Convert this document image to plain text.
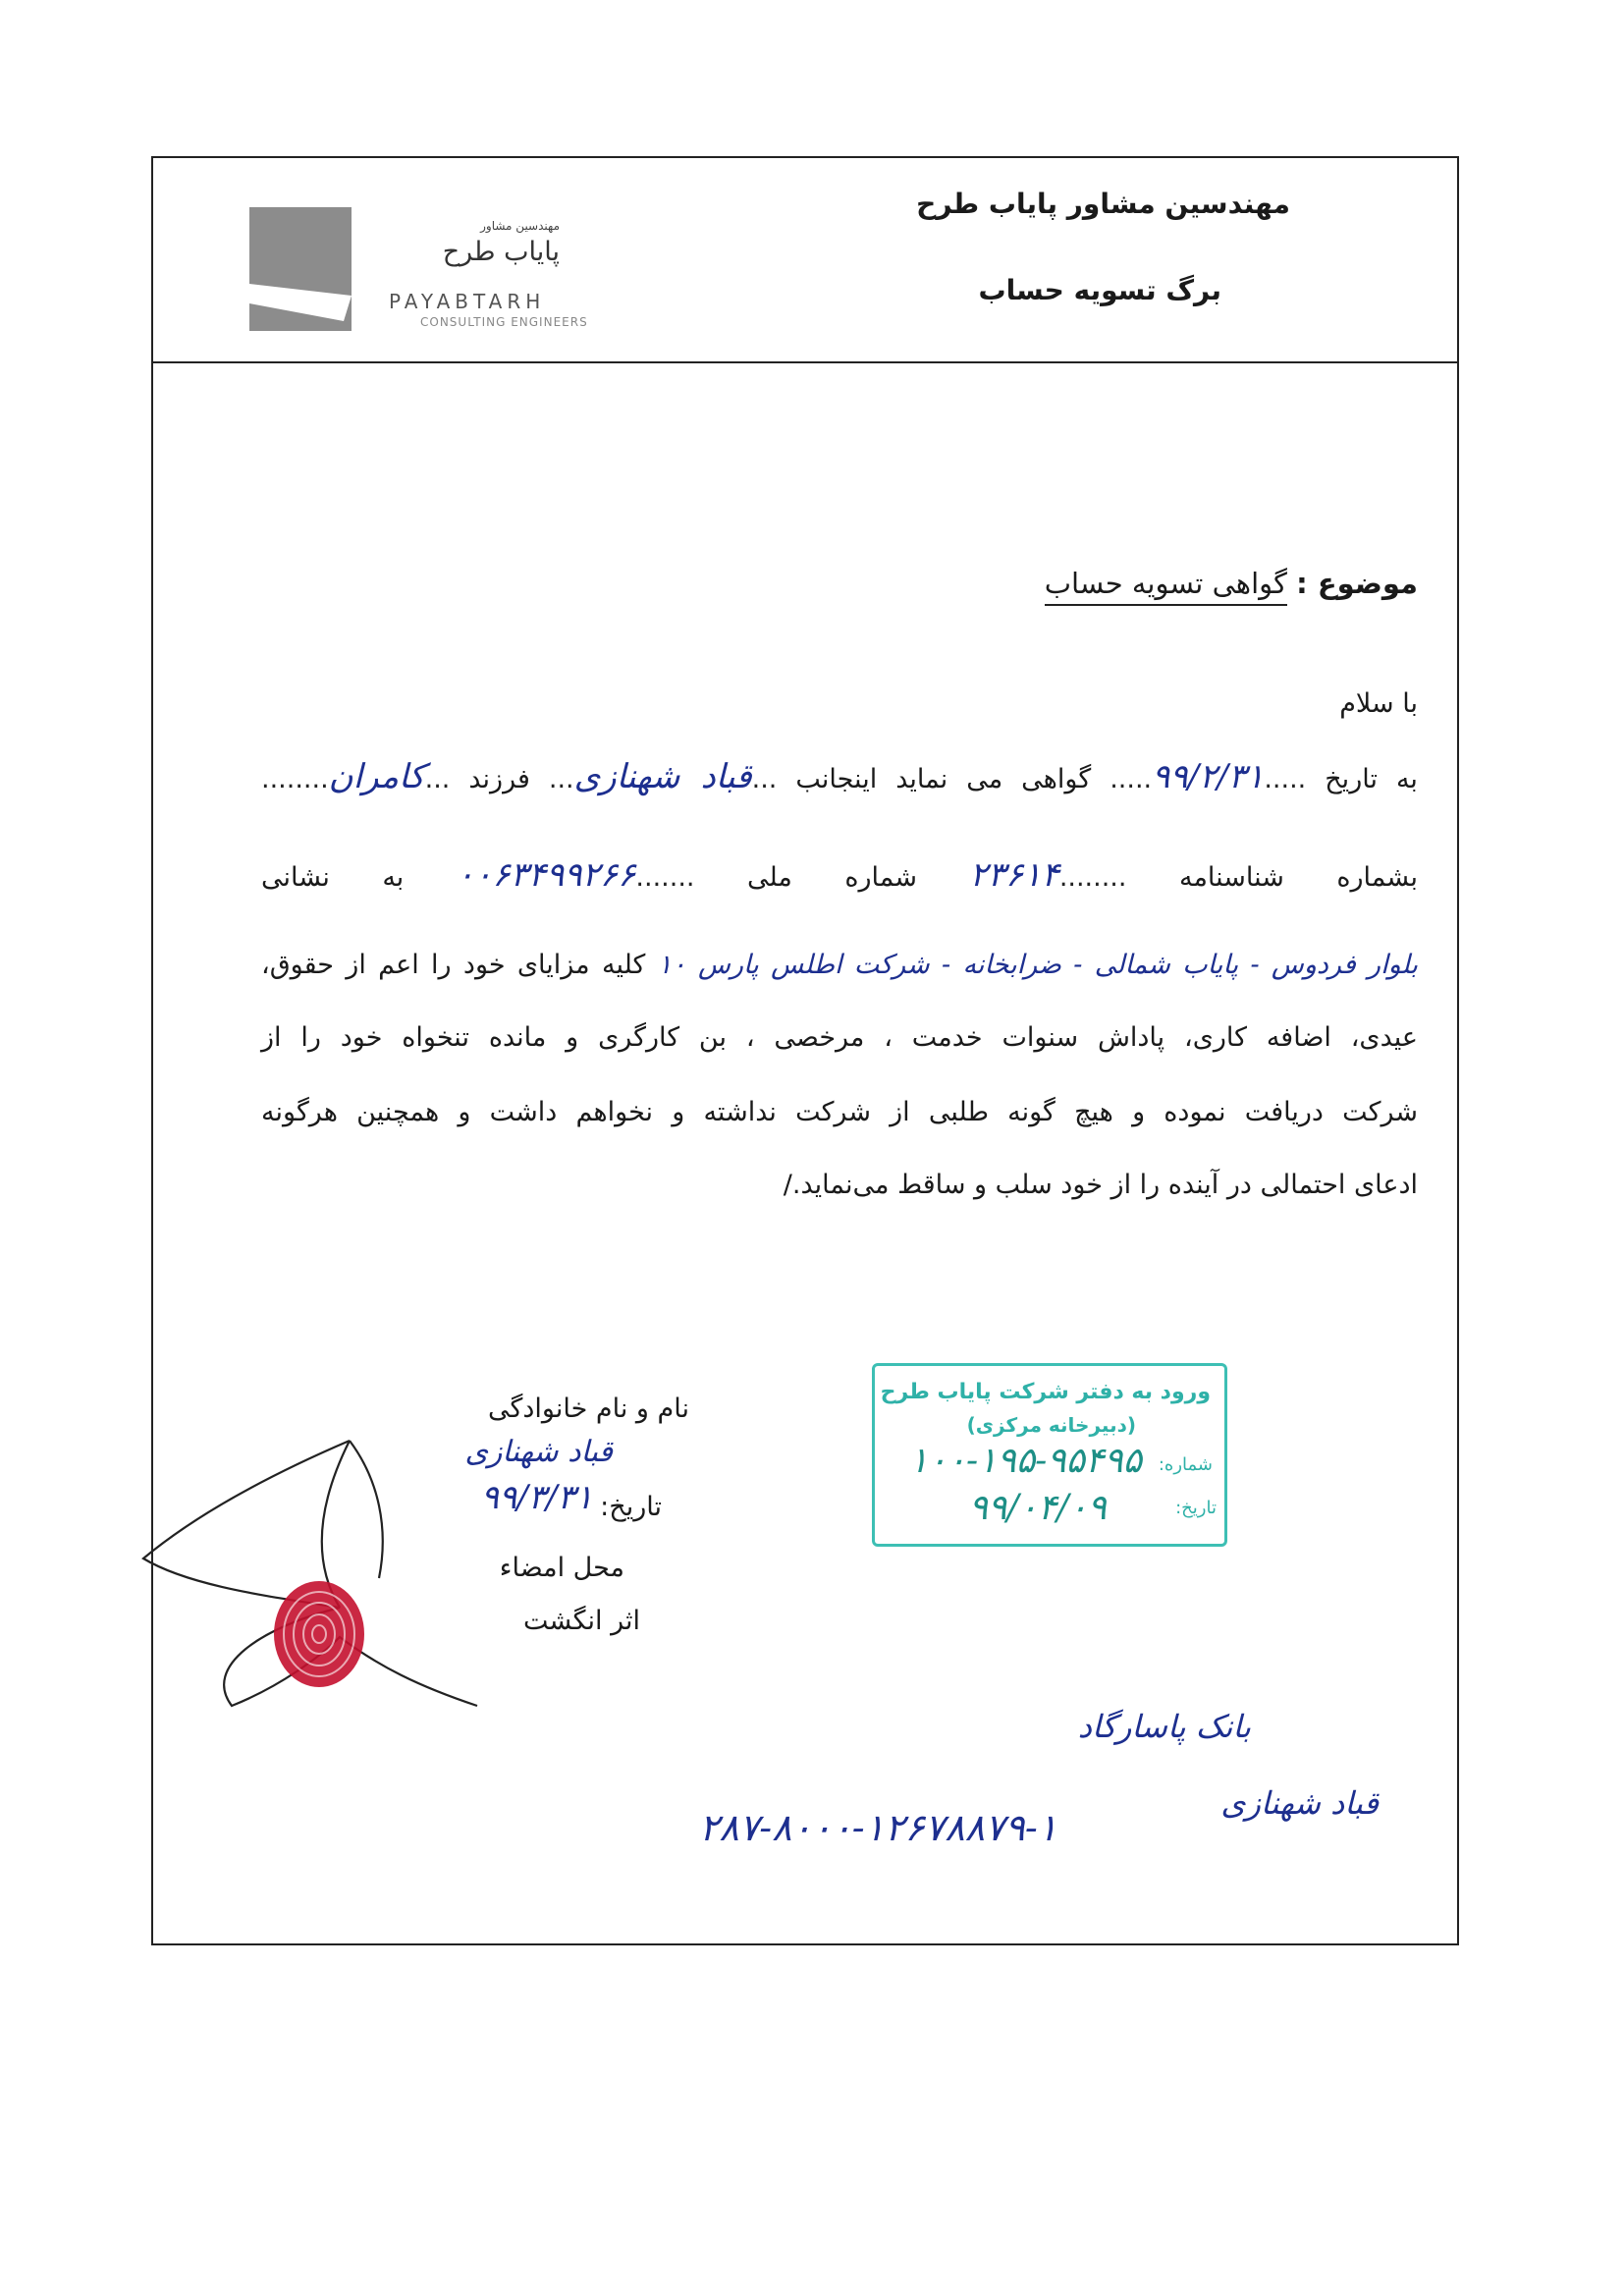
مهندسین مشاور
پایاب طرح
PAYABTARH
CONSULTING ENGINEERS
مهندسین مشاور پایاب طرح
برگ تسویه حساب
موضوع : گواهی تسویه حساب
با سلام
به تاریخ .....۹۹/۲/۳۱..... گواهی می نماید اینجانب ...قباد شهنازی... فرزند ...کامران........
بشماره شناسنامه ........۲۳۶۱۴ شماره ملی .......۰۰۶۳۴۹۹۲۶۶ به نشانی
بلوار فردوس - پایاب شمالی - ضرابخانه - شرکت اطلس پارس ۱۰ کلیه مزایای خود را اعم از حقوق،
عیدی، اضافه کاری، پاداش سنوات خدمت ، مرخصی ، بن کارگری و مانده تنخواه خود را از
شرکت دریافت نموده و هیچ گونه طلبی از شرکت نداشته و نخواهم داشت و همچنین هرگونه
ادعای احتمالی در آینده را از خود سلب و ساقط می‌نماید./
نام و نام خانوادگی
قباد شهنازی
تاریخ:
۹۹/۳/۳۱
محل امضاء
اثر انگشت
ورود به دفتر شرکت پایاب طرح
(دبیرخانه مرکزی)
شماره:
۱۰۰-۱۹۵-۹۵۴۹۵
تاریخ:
۹۹/۰۴/۰۹
بانک پاسارگاد
قباد شهنازی
۲۸۷-۸۰۰۰-۱۲۶۷۸۸۷۹-۱
